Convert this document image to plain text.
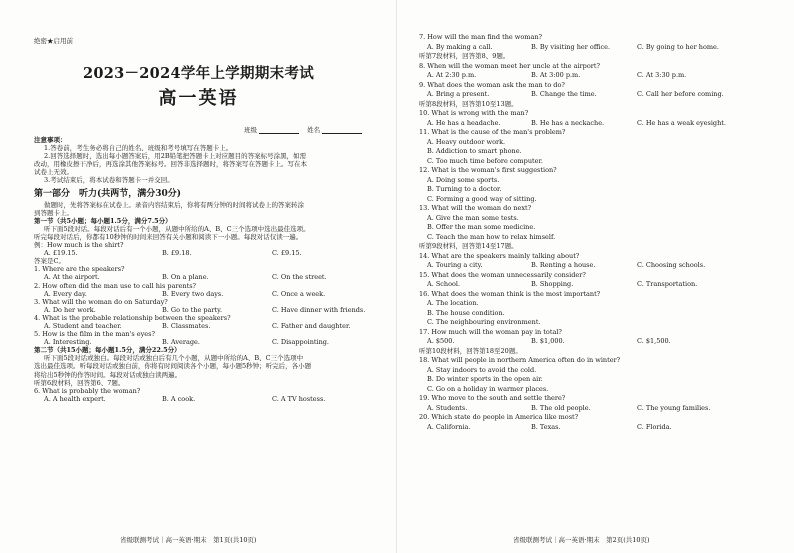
绝密★启用前
2023－2024学年上学期期末考试
高一英语
班级	姓名
注意事项：
1.答卷前，考生务必将自己的姓名、班级和考号填写在答题卡上。
2.回答选择题时，选出每小题答案后，用2B铅笔把答题卡上对应题目的答案标号涂黑，如需
改动，用橡皮擦干净后，再选涂其他答案标号。回答非选择题时，将答案写在答题卡上。写在本
试卷上无效。
3.考试结束后，将本试卷和答题卡一并交回。
第一部分　听力(共两节，满分30分)
做题时，先将答案标在试卷上。录音内容结束后，你将有两分钟的时间将试卷上的答案转涂
到答题卡上。
第一节（共5小题；每小题1.5分，满分7.5分）
听下面5段对话。每段对话后有一个小题，从题中所给的A、B、C三个选项中选出最佳选项。
听完每段对话后，你都有10秒钟的时间来回答有关小题和阅读下一小题。每段对话仅读一遍。
例：How much is the shirt?
A. £19.15.	B. £9.18.	C. £9.15.
答案是C。
1. Where are the speakers?
A. At the airport.	B. On a plane.	C. On the street.
2. How often did the man use to call his parents?
A. Every day.	B. Every two days.	C. Once a week.
3. What will the woman do on Saturday?
A. Do her work.	B. Go to the party.	C. Have dinner with friends.
4. What is the probable relationship between the speakers?
A. Student and teacher.	B. Classmates.	C. Father and daughter.
5. How is the film in the man's eyes?
A. Interesting.	B. Average.	C. Disappointing.
第二节（共15小题；每小题1.5分，满分22.5分）
听下面5段对话或独白。每段对话或独白后有几个小题，从题中所给的A、B、C三个选项中
选出最佳选项。听每段对话或独白前，你将有时间阅读各个小题，每小题5秒钟；听完后，各小题
将给出5秒钟的作答时间。每段对话或独白读两遍。
听第6段材料，回答第6、7题。
6. What is probably the woman?
A. A health expert.	B. A cook.	C. A TV hostess.
7. How will the man find the woman?
A. By making a call.	B. By visiting her office.	C. By going to her home.
听第7段材料，回答第8、9题。
8. When will the woman meet her uncle at the airport?
A. At 2:30 p.m.	B. At 3:00 p.m.	C. At 3:30 p.m.
9. What does the woman ask the man to do?
A. Bring a present.	B. Change the time.	C. Call her before coming.
听第8段材料，回答第10至13题。
10. What is wrong with the man?
A. He has a headache.	B. He has a neckache.	C. He has a weak eyesight.
11. What is the cause of the man's problem?
A. Heavy outdoor work.
B. Addiction to smart phone.
C. Too much time before computer.
12. What is the woman's first suggestion?
A. Doing some sports.
B. Turning to a doctor.
C. Forming a good way of sitting.
13. What will the woman do next?
A. Give the man some tests.
B. Offer the man some medicine.
C. Teach the man how to relax himself.
听第9段材料，回答第14至17题。
14. What are the speakers mainly talking about?
A. Touring a city.	B. Renting a house.	C. Choosing schools.
15. What does the woman unnecessarily consider?
A. School.	B. Shopping.	C. Transportation.
16. What does the woman think is the most important?
A. The location.
B. The house condition.
C. The neighbouring environment.
17. How much will the woman pay in total?
A. $500.	B. $1,000.	C. $1,500.
听第10段材料，回答第18至20题。
18. What will people in northern America often do in winter?
A. Stay indoors to avoid the cold.
B. Do winter sports in the open air.
C. Go on a holiday in warmer places.
19. Who move to the south and settle there?
A. Students.	B. The old people.	C. The young families.
20. Which state do people in America like most?
A. California.	B. Texas.	C. Florida.
省级联测考试｜高一英语·期末　第1页(共10页)	省级联测考试｜高一英语·期末　第2页(共10页)
